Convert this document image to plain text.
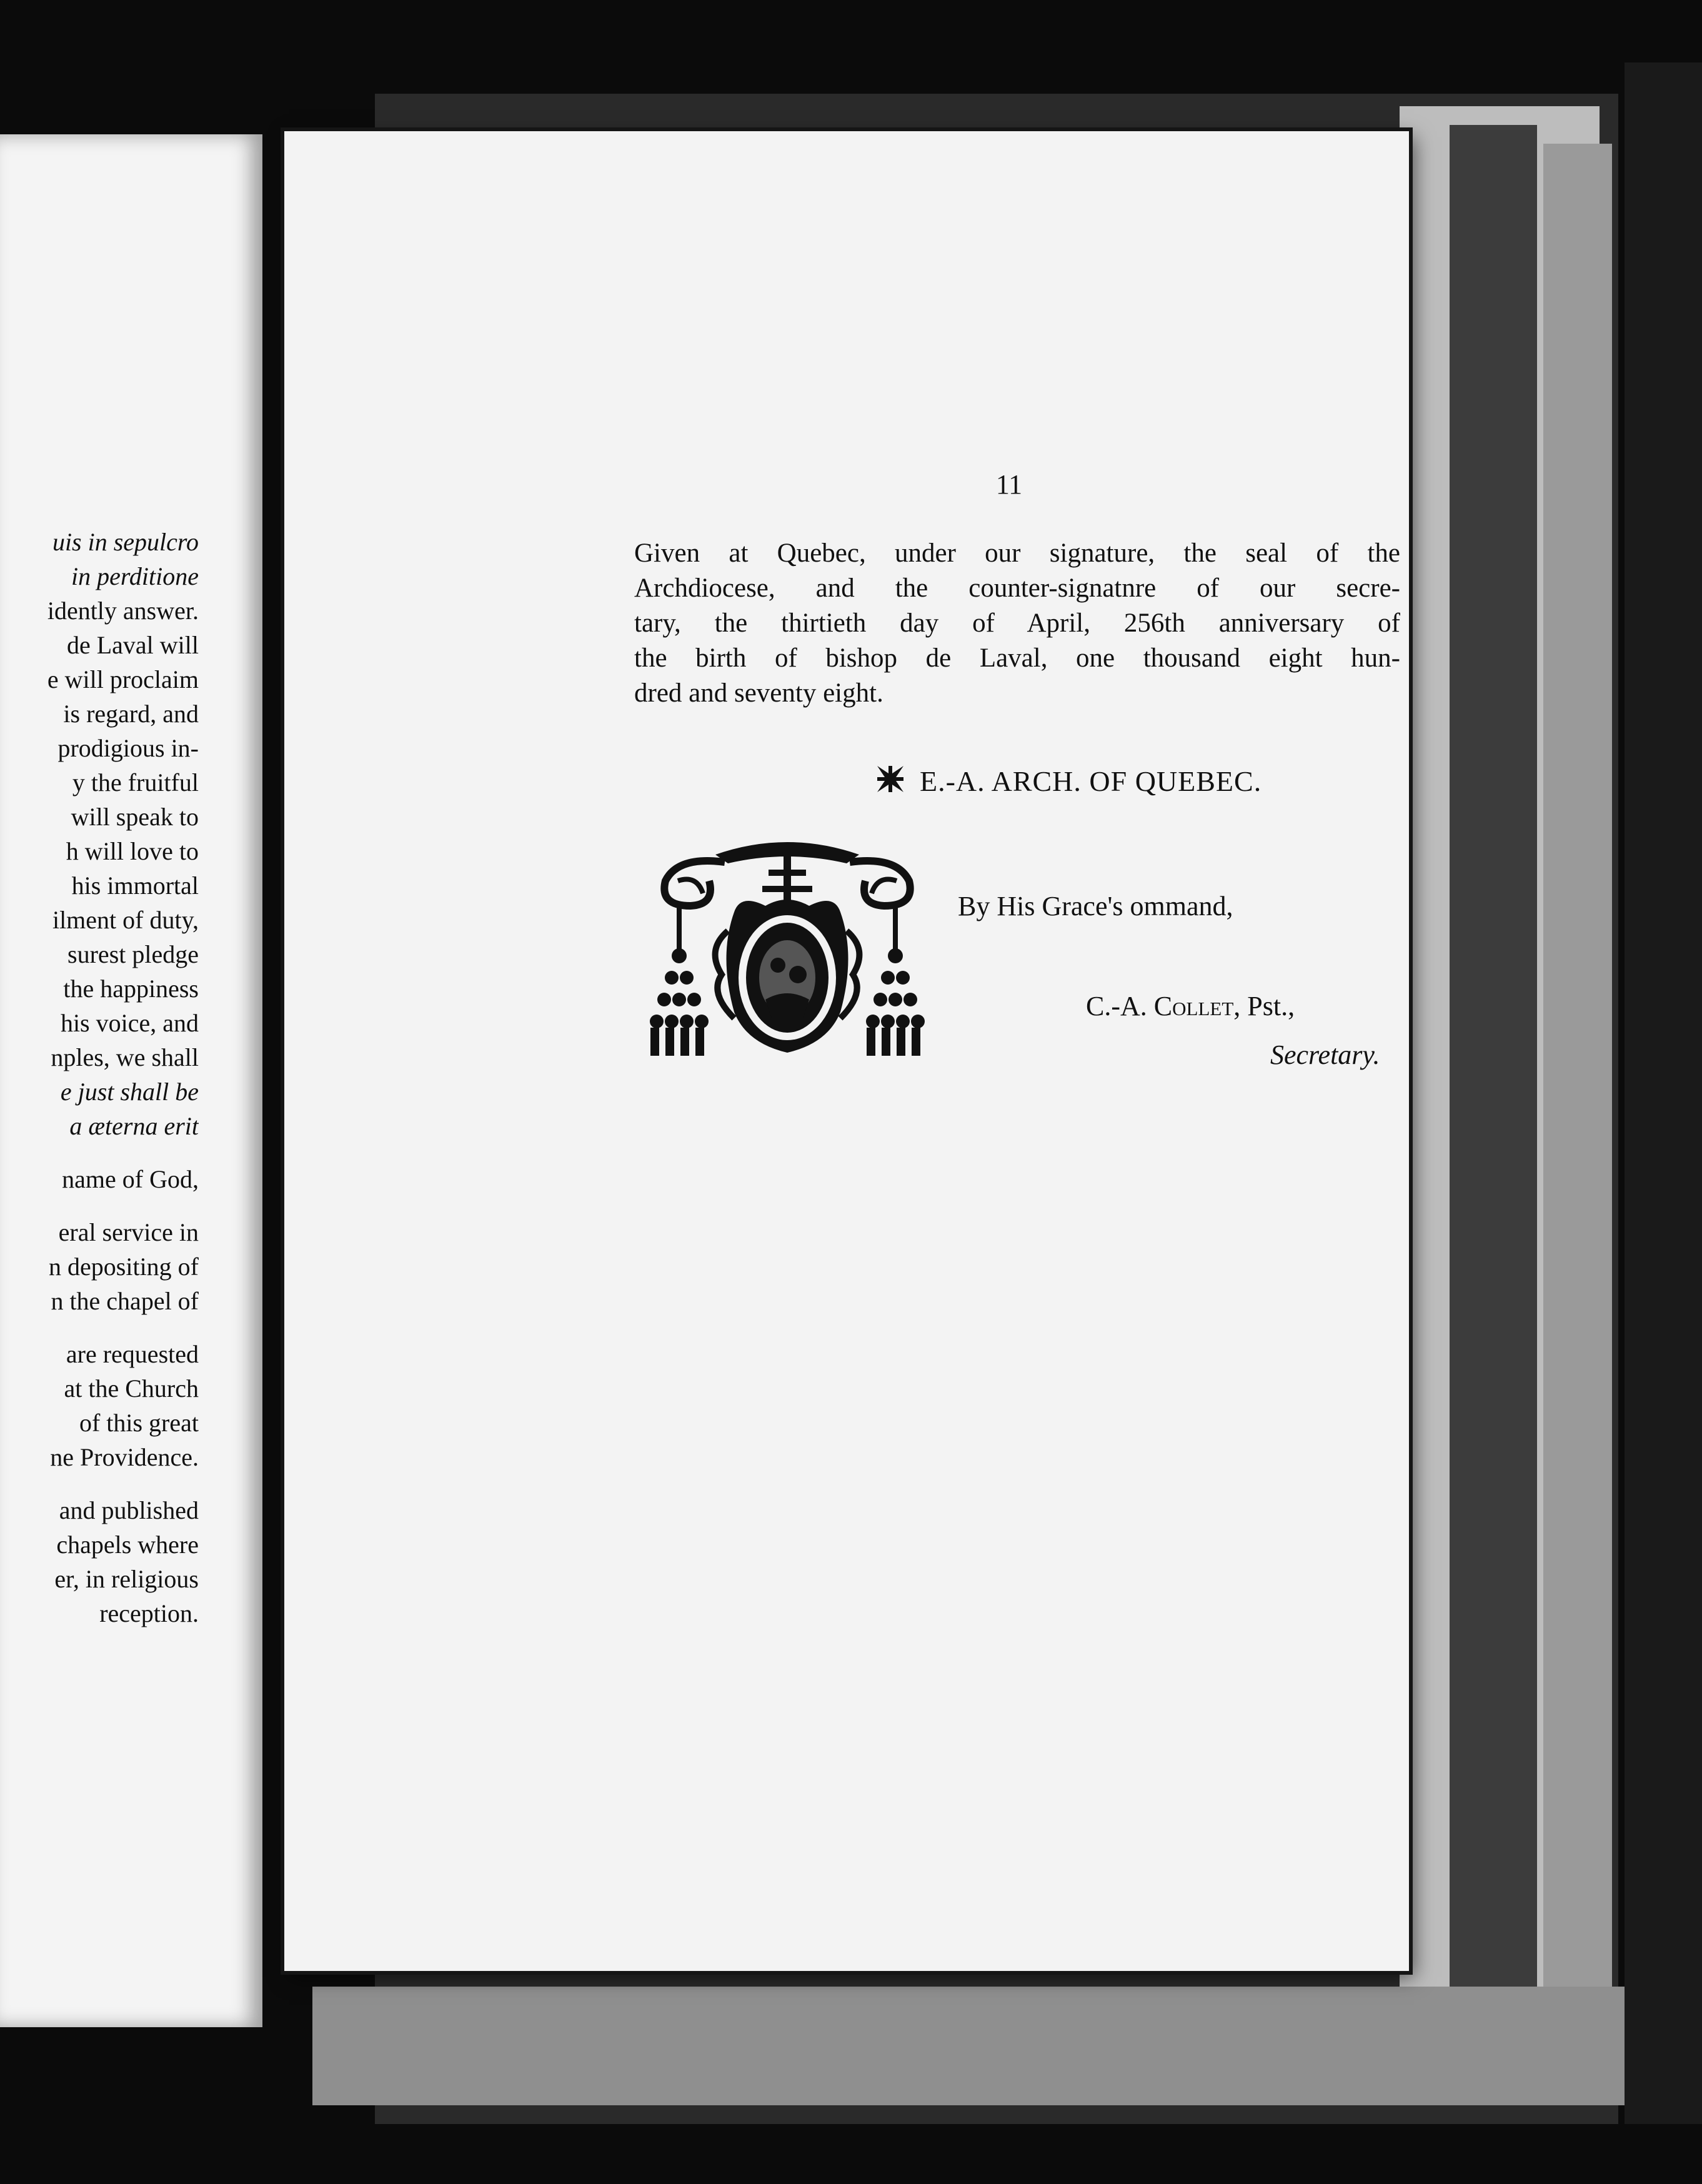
uis in sepulcro
in perditione
idently answer.
de Laval will
e will proclaim
is regard, and
prodigious in-
y the fruitful
will speak to
h will love to
his immortal
ilment of duty,
surest pledge
the happiness
his voice, and
nples, we shall
e just shall be
a æterna erit
name of God,
eral service in
n depositing of
n the chapel of
are requested
at the Church
of this great
ne Providence.
and published
chapels where
er, in religious
reception.
11
Given at Quebec, under our signature, the seal of the
Archdiocese, and the counter-signatnre of our secre-
tary, the thirtieth day of April, 256th anniversary of
the birth of bishop de Laval, one thousand eight hun-
dred and seventy eight.
E.-A. ARCH. OF QUEBEC.
By His Grace's ommand,
C.-A. Collet, Pst.,
Secretary.
